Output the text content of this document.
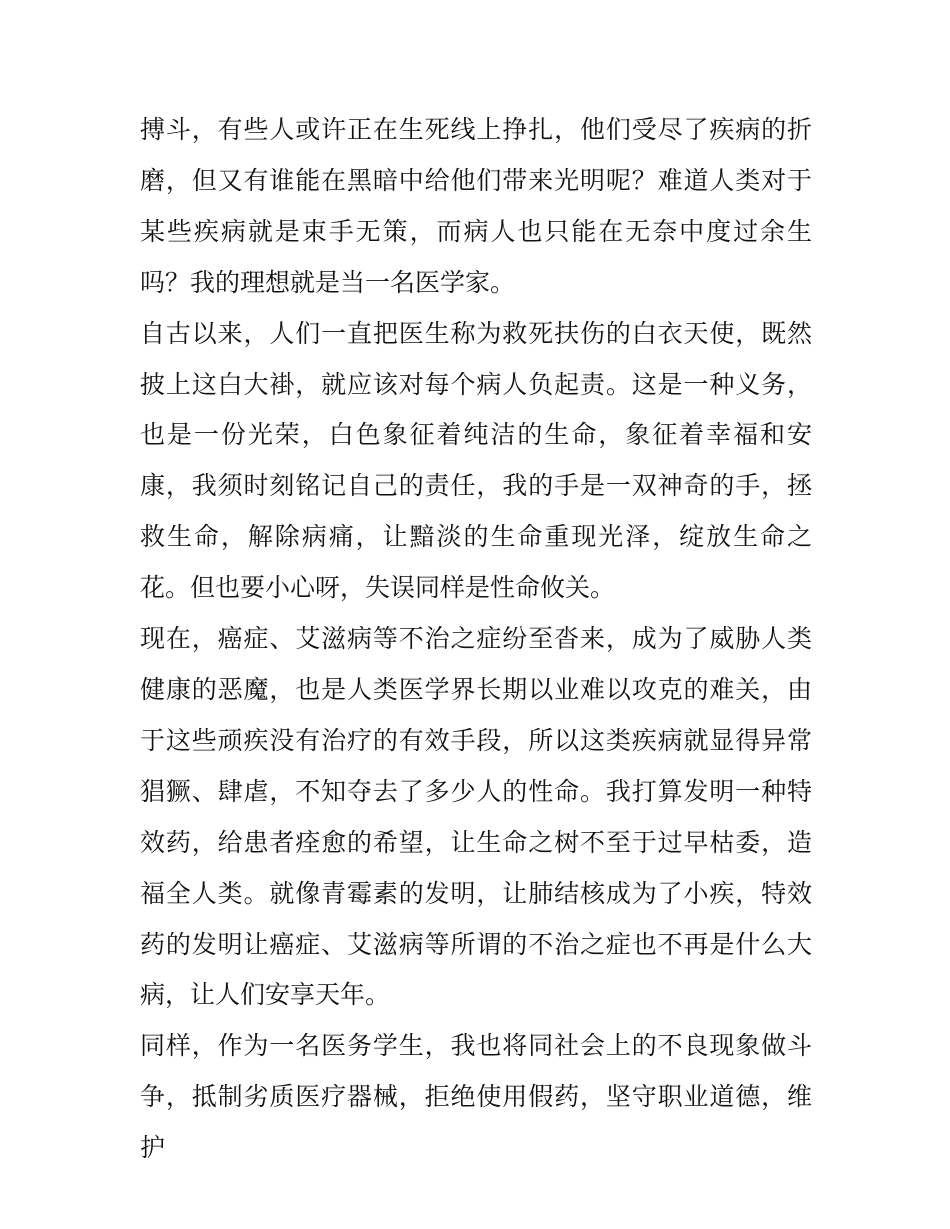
搏斗，有些人或许正在生死线上挣扎，他们受尽了疾病的折磨，但又有谁能在黑暗中给他们带来光明呢？难道人类对于某些疾病就是束手无策，而病人也只能在无奈中度过余生吗？我的理想就是当一名医学家。

自古以来，人们一直把医生称为救死扶伤的白衣天使，既然披上这白大褂，就应该对每个病人负起责。这是一种义务，也是一份光荣，白色象征着纯洁的生命，象征着幸福和安康，我须时刻铭记自己的责任，我的手是一双神奇的手，拯救生命，解除病痛，让黯淡的生命重现光泽，绽放生命之花。但也要小心呀，失误同样是性命攸关。

现在，癌症、艾滋病等不治之症纷至沓来，成为了威胁人类健康的恶魔，也是人类医学界长期以业难以攻克的难关，由于这些顽疾没有治疗的有效手段，所以这类疾病就显得异常猖獗、肆虐，不知夺去了多少人的性命。我打算发明一种特效药，给患者痊愈的希望，让生命之树不至于过早枯委，造福全人类。就像青霉素的发明，让肺结核成为了小疾，特效药的发明让癌症、艾滋病等所谓的不治之症也不再是什么大病，让人们安享天年。

同样，作为一名医务学生，我也将同社会上的不良现象做斗争，抵制劣质医疗器械，拒绝使用假药，坚守职业道德，维护
